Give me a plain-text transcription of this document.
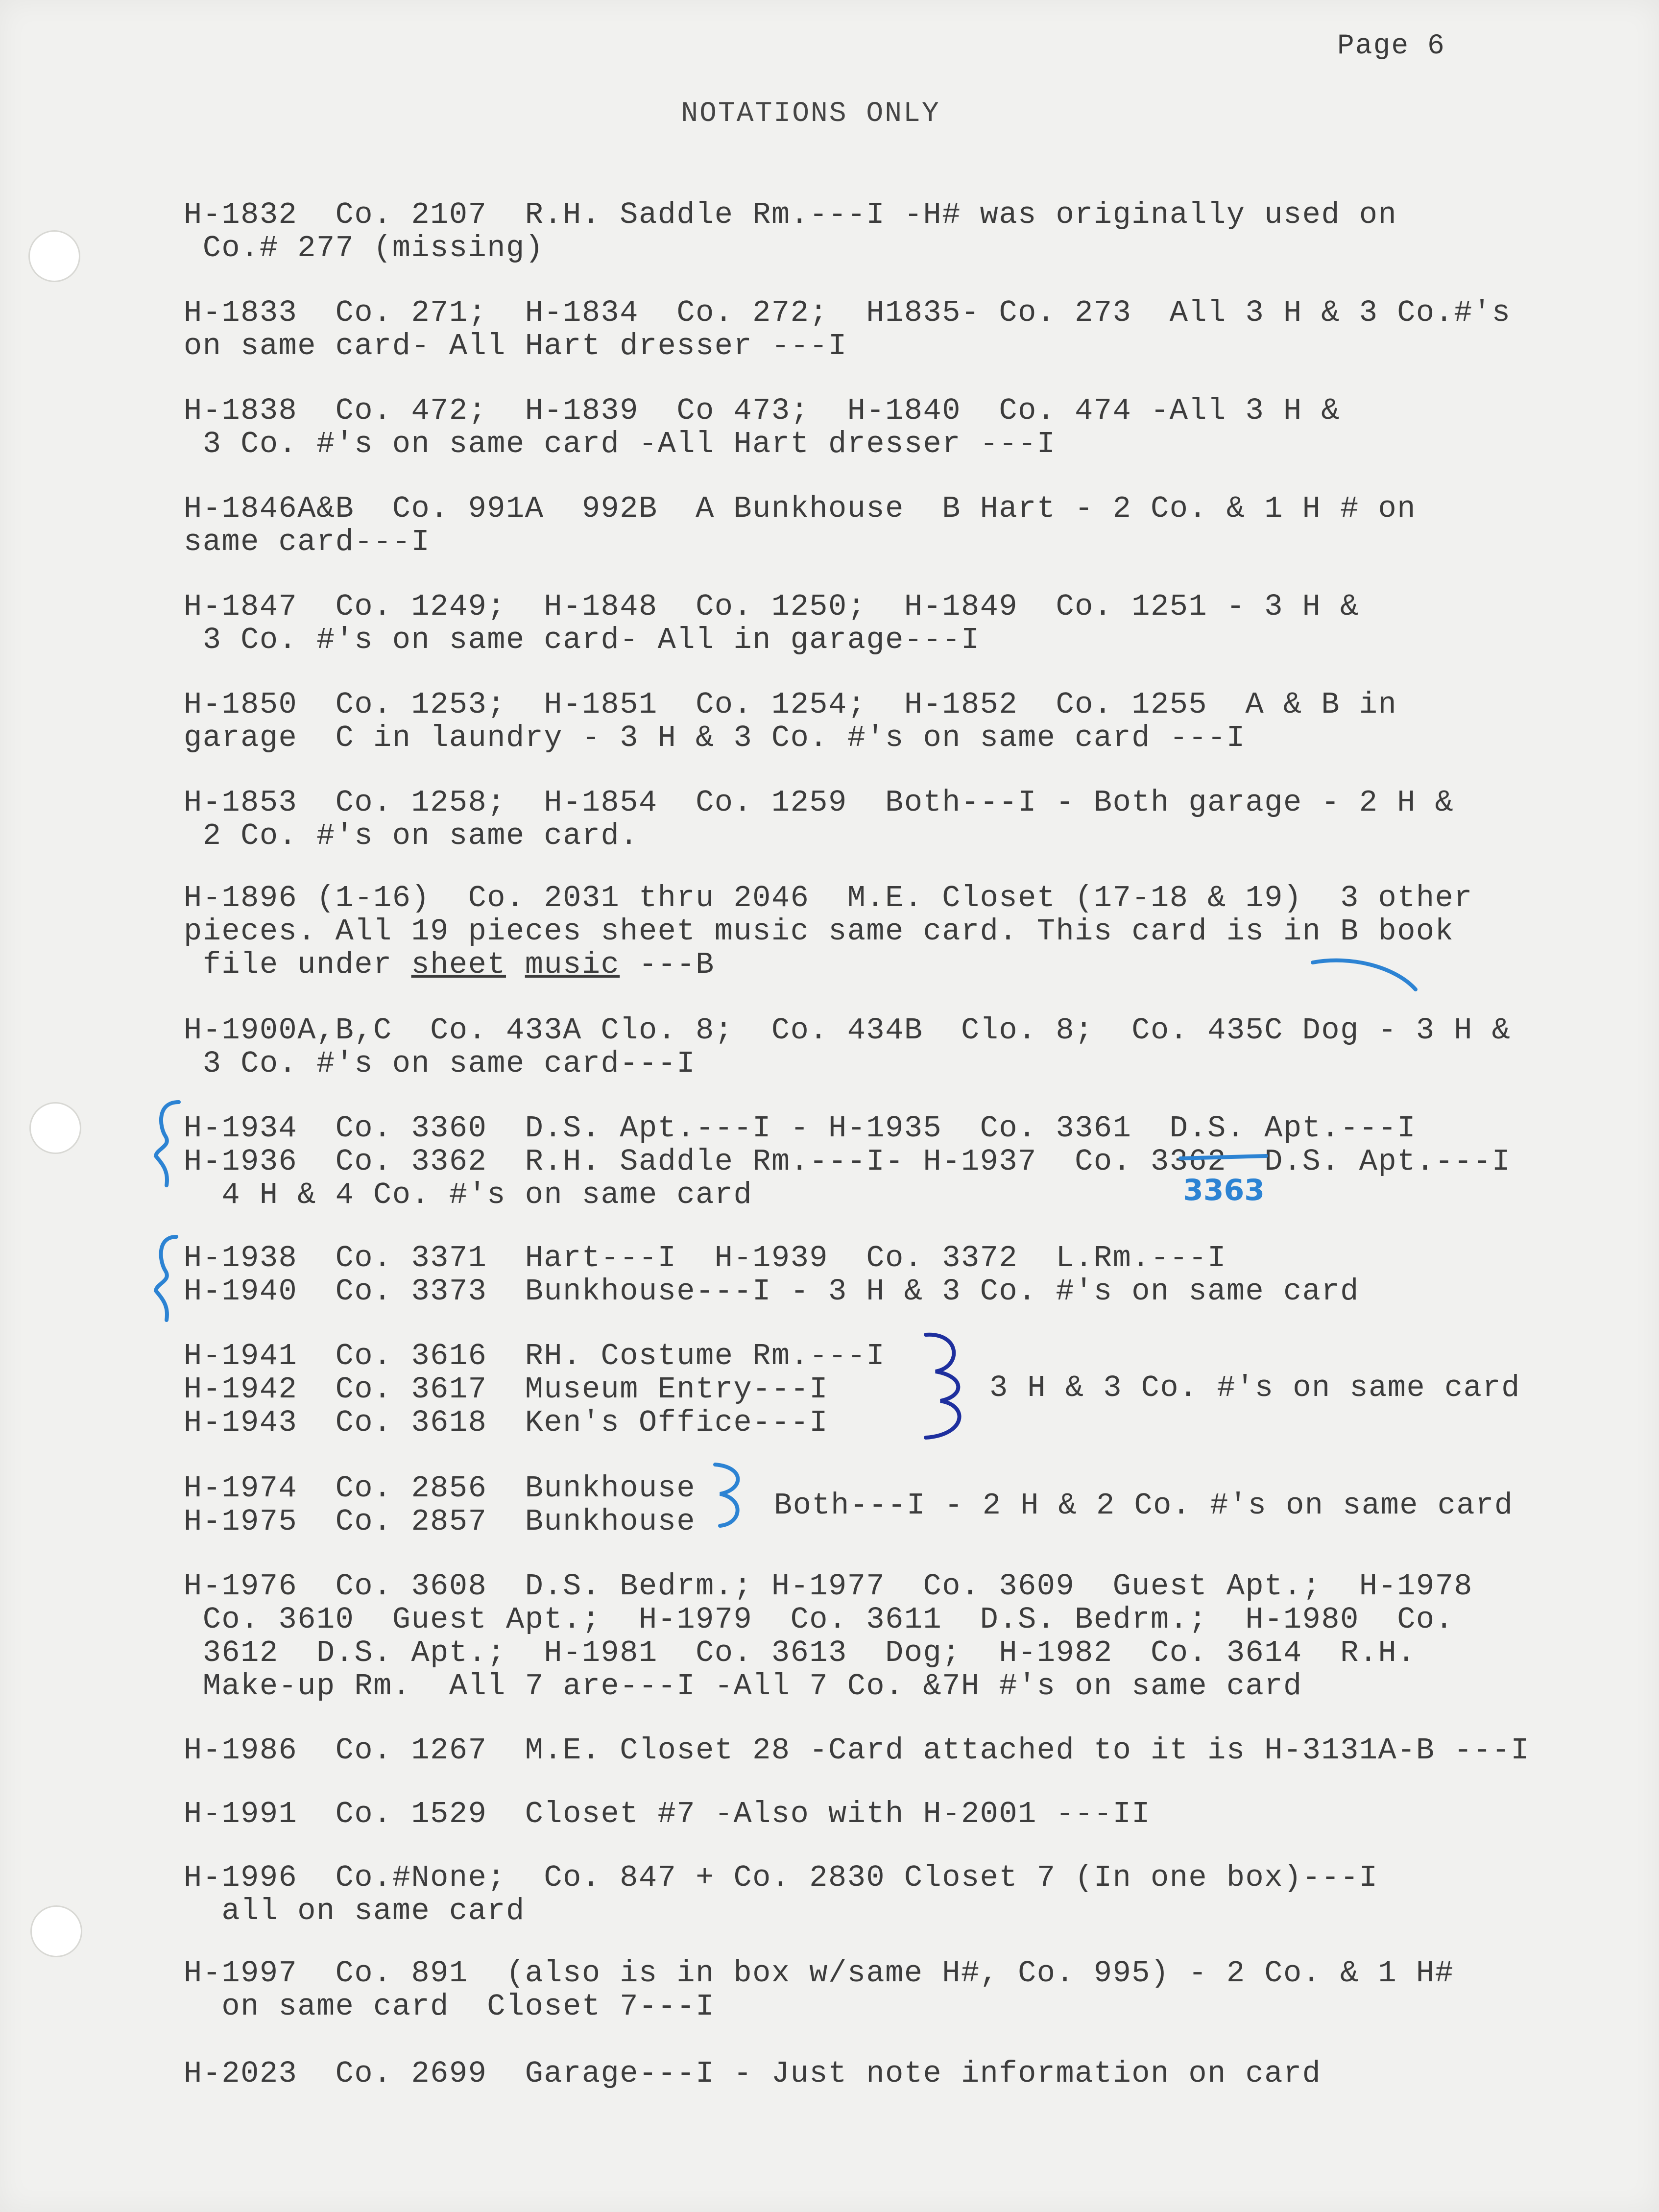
Page 6
NOTATIONS ONLY
H-1832  Co. 2107  R.H. Saddle Rm.---I -H# was originally used on
Co.# 277 (missing)
H-1833  Co. 271;  H-1834  Co. 272;  H1835- Co. 273  All 3 H & 3 Co.#'s
on same card- All Hart dresser ---I
H-1838  Co. 472;  H-1839  Co 473;  H-1840  Co. 474 -All 3 H &
3 Co. #'s on same card -All Hart dresser ---I
H-1846A&B  Co. 991A  992B  A Bunkhouse  B Hart - 2 Co. & 1 H # on
same card---I
H-1847  Co. 1249;  H-1848  Co. 1250;  H-1849  Co. 1251 - 3 H &
3 Co. #'s on same card- All in garage---I
H-1850  Co. 1253;  H-1851  Co. 1254;  H-1852  Co. 1255  A & B in
garage  C in laundry - 3 H & 3 Co. #'s on same card ---I
H-1853  Co. 1258;  H-1854  Co. 1259  Both---I - Both garage - 2 H &
2 Co. #'s on same card.
H-1896 (1-16)  Co. 2031 thru 2046  M.E. Closet (17-18 & 19)  3 other
pieces. All 19 pieces sheet music same card. This card is in B book
file under sheet music ---B
H-1900A,B,C  Co. 433A Clo. 8;  Co. 434B  Clo. 8;  Co. 435C Dog - 3 H &
3 Co. #'s on same card---I
H-1934  Co. 3360  D.S. Apt.---I - H-1935  Co. 3361  D.S. Apt.---I
H-1936  Co. 3362  R.H. Saddle Rm.---I- H-1937  Co. 3362  D.S. Apt.---I
4 H & 4 Co. #'s on same card	3363
H-1938  Co. 3371  Hart---I  H-1939  Co. 3372  L.Rm.---I
H-1940  Co. 3373  Bunkhouse---I - 3 H & 3 Co. #'s on same card
H-1941  Co. 3616  RH. Costume Rm.---I
H-1942  Co. 3617  Museum Entry---I
H-1943  Co. 3618  Ken's Office---I
3 H & 3 Co. #'s on same card
H-1974  Co. 2856  Bunkhouse
H-1975  Co. 2857  Bunkhouse	Both---I - 2 H & 2 Co. #'s on same card
H-1976  Co. 3608  D.S. Bedrm.; H-1977  Co. 3609  Guest Apt.;  H-1978
Co. 3610  Guest Apt.;  H-1979  Co. 3611  D.S. Bedrm.;  H-1980  Co.
3612  D.S. Apt.;  H-1981  Co. 3613  Dog;  H-1982  Co. 3614  R.H.
Make-up Rm.  All 7 are---I -All 7 Co. &7H #'s on same card
H-1986  Co. 1267  M.E. Closet 28 -Card attached to it is H-3131A-B ---I
H-1991  Co. 1529  Closet #7 -Also with H-2001 ---II
H-1996  Co.#None;  Co. 847 + Co. 2830 Closet 7 (In one box)---I
all on same card
H-1997  Co. 891  (also is in box w/same H#, Co. 995) - 2 Co. & 1 H#
on same card  Closet 7---I
H-2023  Co. 2699  Garage---I - Just note information on card
